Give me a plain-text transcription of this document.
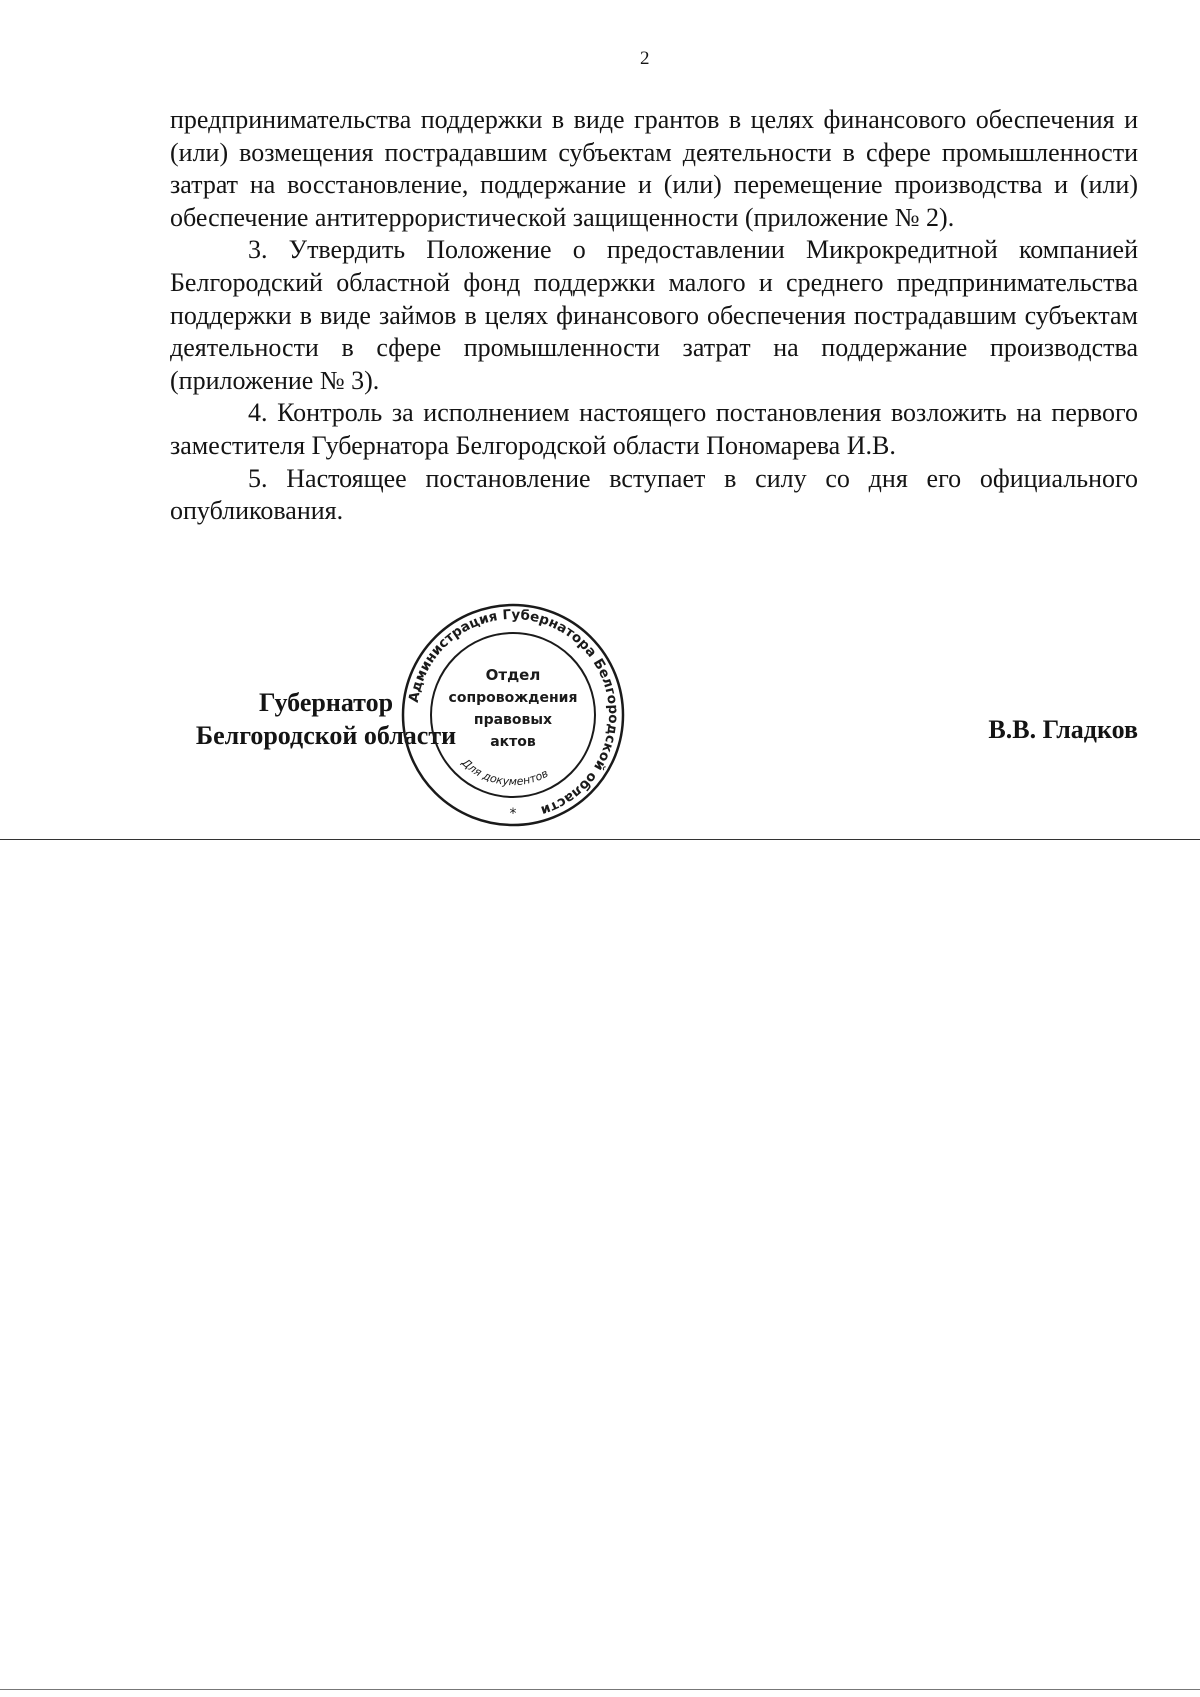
2

предпринимательства поддержки в виде грантов в целях финансового обеспечения и (или) возмещения пострадавшим субъектам деятельности в сфере промышленности затрат на восстановление, поддержание и (или) перемещение производства и (или) обеспечение антитеррористической защищенности (приложение № 2).

3. Утвердить Положение о предоставлении Микрокредитной компанией Белгородский областной фонд поддержки малого и среднего предпринимательства поддержки в виде займов в целях финансового обеспечения пострадавшим субъектам деятельности в сфере промышленности затрат на поддержание производства (приложение № 3).

4. Контроль за исполнением настоящего постановления возложить на первого заместителя Губернатора Белгородской области Пономарева И.В.

5. Настоящее постановление вступает в силу со дня его официального опубликования.

Губернатор
Белгородской области	В.В. Гладков
Администрация Губернатора Белгородской области
Отдел
сопровождения
правовых
актов
Для документов
*
